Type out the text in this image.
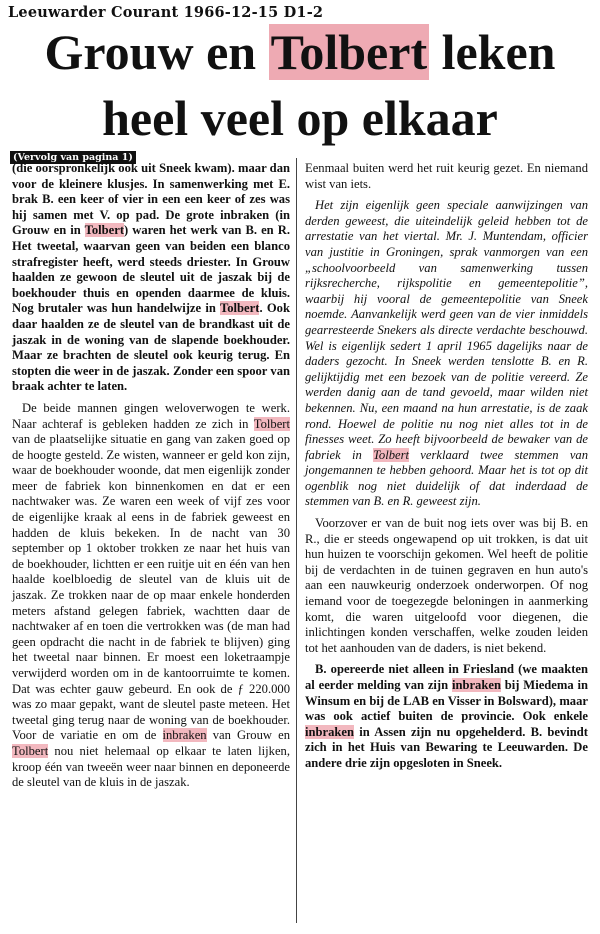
Leeuwarder Courant 1966-12-15 D1-2
Grouw en Tolbert leken
heel veel op elkaar
(Vervolg van pagina 1)

(die oorspronkelijk ook uit Sneek kwam). maar dan voor de kleinere klusjes. In samenwerking met E. brak B. een keer of vier in een een keer of zes was hij samen met V. op pad. De grote inbraken (in Grouw en in Tolbert) waren het werk van B. en R. Het tweetal, waarvan geen van beiden een blanco strafregister heeft, werd steeds driester. In Grouw haalden ze gewoon de sleutel uit de jaszak bij de boekhouder thuis en openden daarmee de kluis. Nog brutaler was hun handelwijze in Tolbert. Ook daar haalden ze de sleutel van de brandkast uit de jaszak in de woning van de slapende boekhouder. Maar ze brachten de sleutel ook keurig terug. En stopten die weer in de jaszak. Zonder een spoor van braak achter te laten.

De beide mannen gingen weloverwogen te werk. Naar achteraf is gebleken hadden ze zich in Tolbert van de plaatselijke situatie en gang van zaken goed op de hoogte gesteld. Ze wisten, wanneer er geld kon zijn, waar de boekhouder woonde, dat men eigenlijk zonder meer de fabriek kon binnenkomen en dat er een nachtwaker was. Ze waren een week of vijf zes voor de eigenlijke kraak al eens in de fabriek geweest en hadden de kluis bekeken. In de nacht van 30 september op 1 oktober trokken ze naar het huis van de boekhouder, lichtten er een ruitje uit en één van hen haalde koelbloedig de sleutel van de kluis uit de jaszak. Ze trokken naar de op maar enkele honderden meters afstand gelegen fabriek, wachtten daar de nachtwaker af en toen die vertrokken was (de man had geen opdracht die nacht in de fabriek te blijven) ging het tweetal naar binnen. Er moest een loketraampje verwijderd worden om in de kantoorruimte te komen. Dat was echter gauw gebeurd. En ook de ƒ 220.000 was zo maar gepakt, want de sleutel paste meteen. Het tweetal ging terug naar de woning van de boekhouder. Voor de variatie en om de inbraken van Grouw en Tolbert nou niet helemaal op elkaar te laten lijken, kroop één van tweeën weer naar binnen en deponeerde de sleutel van de kluis in de jaszak.

Eenmaal buiten werd het ruit keurig gezet. En niemand wist van iets.

Het zijn eigenlijk geen speciale aanwijzingen van derden geweest, die uiteindelijk geleid hebben tot de arrestatie van het viertal. Mr. J. Muntendam, officier van justitie in Groningen, sprak vanmorgen van een „schoolvoorbeeld van samenwerking tussen rijksrecherche, rijkspolitie en gemeentepolitie”, waarbij hij vooral de gemeentepolitie van Sneek noemde. Aanvankelijk werd geen van de vier inmiddels gearresteerde Snekers als directe verdachte beschouwd. Wel is eigenlijk sedert 1 april 1965 dagelijks naar de daders gezocht. In Sneek werden tenslotte B. en R. gelijktijdig met een bezoek van de politie vereerd. Ze werden danig aan de tand gevoeld, maar wilden niet bekennen. Nu, een maand na hun arrestatie, is de zaak rond. Hoewel de politie nu nog niet alles tot in de finesses weet. Zo heeft bijvoorbeeld de bewaker van de fabriek in Tolbert verklaard twee stemmen van jongemannen te hebben gehoord. Maar het is tot op dit ogenblik nog niet duidelijk of dat inderdaad de stemmen van B. en R. geweest zijn.

Voorzover er van de buit nog iets over was bij B. en R., die er steeds ongewapend op uit trokken, is dat uit hun huizen te voorschijn gekomen. Wel heeft de politie bij de verdachten in de tuinen gegraven en hun auto's aan een nauwkeurig onderzoek onderworpen. Of nog iemand voor de toegezegde beloningen in aanmerking komt, die waren uitgeloofd voor diegenen, die inlichtingen konden verschaffen, welke zouden leiden tot het aanhouden van de daders, is niet bekend.

B. opereerde niet alleen in Friesland (we maakten al eerder melding van zijn inbraken bij Miedema in Winsum en bij de LAB en Visser in Bolsward), maar was ook actief buiten de provincie. Ook enkele inbraken in Assen zijn nu opgehelderd. B. bevindt zich in het Huis van Bewaring te Leeuwarden. De andere drie zijn opgesloten in Sneek.
